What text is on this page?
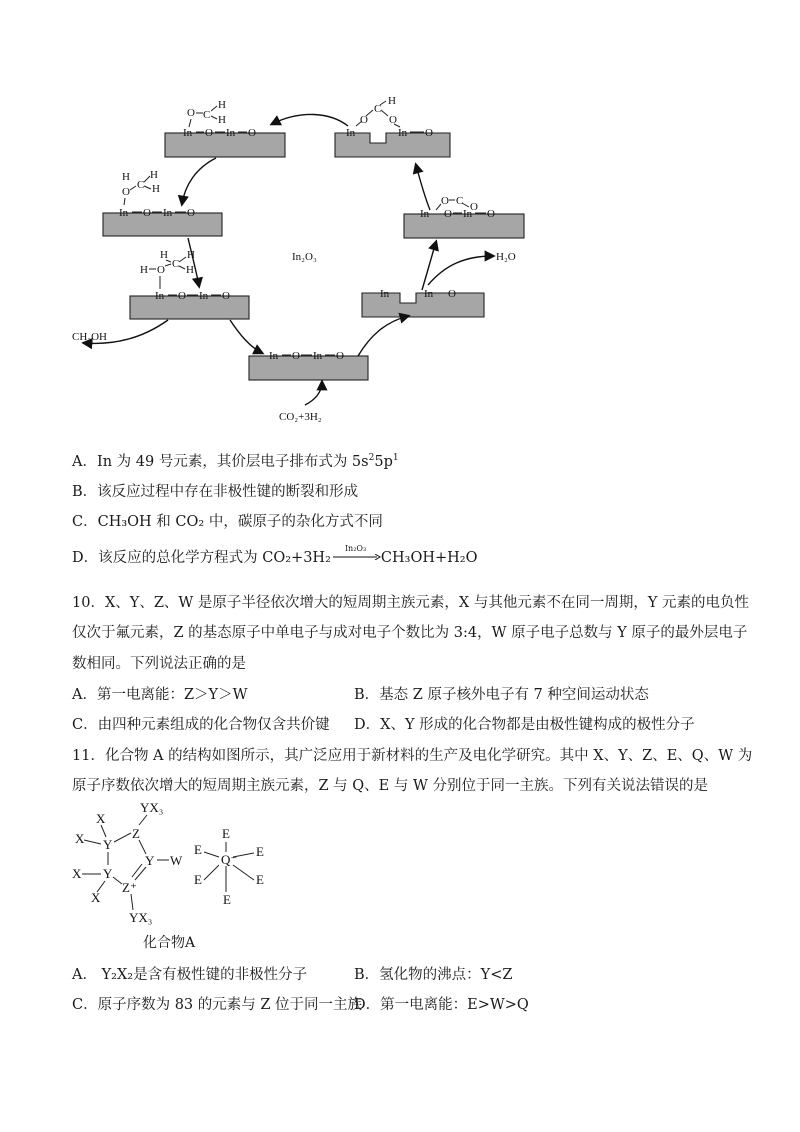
In O In O
O C
H
H
In	In O
O
C
O
H
In O In O
O
C
H H
H
In O In O
O C O
In O In O
H O C
H H
H
In	In O
In O In O
In₂O₃
CH₃OH
H₂O
CO₂+3H₂
A．In 为 49 号元素，其价层电子排布式为 $5s^25p^1$
B．该反应过程中存在非极性键的断裂和形成
C．CH₃OH 和 CO₂ 中，碳原子的杂化方式不同
D．该反应的总化学方程式为 CO₂+3H₂
In₂O₃
CH₃OH+H₂O
10．X、Y、Z、W 是原子半径依次增大的短周期主族元素，X 与其他元素不在同一周期，Y 元素的电负性
仅次于氟元素，Z 的基态原子中单电子与成对电子个数比为 3:4，W 原子电子总数与 Y 原子的最外层电子
数相同。下列说法正确的是
A．第一电离能：Z＞Y＞W	B．基态 Z 原子核外电子有 7 种空间运动状态
C．由四种元素组成的化合物仅含共价键 D．X、Y 形成的化合物都是由极性键构成的极性分子
11．化合物 A 的结构如图所示，其广泛应用于新材料的生产及电化学研究。其中 X、Y、Z、E、Q、W 为
原子序数依次增大的短周期主族元素，Z 与 Q、E 与 W 分别位于同一主族。下列有关说法错误的是
Y
Z
Y
Z⁺
Y
X
X
X
X
YX₃
YX₃
W	Q⁻
E
E	E
E	E
E
化合物A
A． Y₂X₂是含有极性键的非极性分子	B．氢化物的沸点：Y<Z
C．原子序数为 83 的元素与 Z 位于同一主族
D．第一电离能：E>W>Q
